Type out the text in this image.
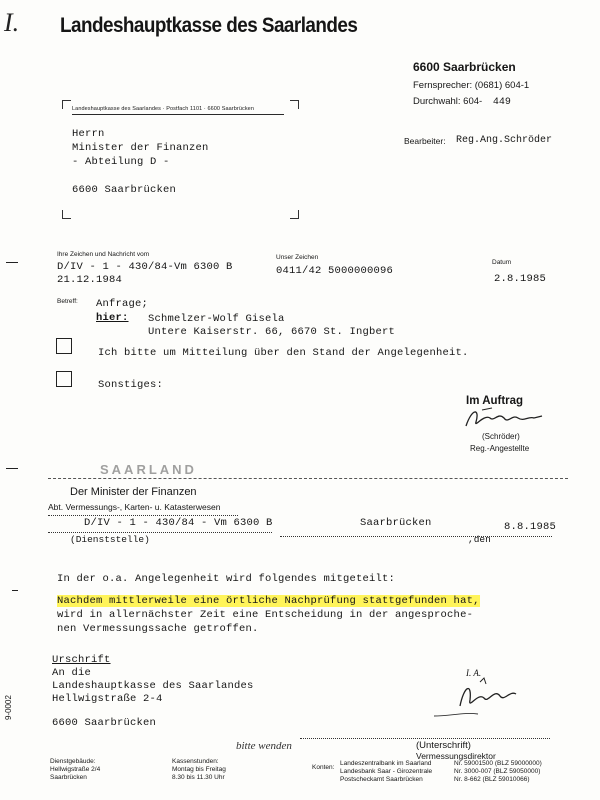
I. Landeshauptkasse des Saarlandes
6600 Saarbrücken
Fernsprecher: (0681) 604-1
Durchwahl: 604- 449
Landeshauptkasse des Saarlandes · Postfach 1101 · 6600 Saarbrücken
Herrn
Minister der Finanzen
- Abteilung D -
6600 Saarbrücken
Bearbeiter: Reg.Ang.Schröder
Ihre Zeichen und Nachricht vom
D/IV - 1 - 430/84-Vm 6300 B
21.12.1984
Unser Zeichen
0411/42 5000000096
Datum
2.8.1985
Betreff: Anfrage;
hier: Schmelzer-Wolf Gisela
Untere Kaiserstr. 66, 6670 St. Ingbert
Ich bitte um Mitteilung über den Stand der Angelegenheit.
Sonstiges:
Im Auftrag
(Schröder)
Reg.-Angestellte
SAARLAND
Der Minister der Finanzen
Abt. Vermessungs-, Karten- u. Katasterwesen
D/IV - 1 - 430/84 - Vm 6300 B	Saarbrücken	8.8.1985
(Dienststelle)	,den
In der o.a. Angelegenheit wird folgendes mitgeteilt:
Nachdem mittlerweile eine örtliche Nachprüfung stattgefunden hat,
wird in allernächster Zeit eine Entscheidung in der angesproche-
nen Vermessungssache getroffen.
Urschrift
An die
Landeshauptkasse des Saarlandes
Hellwigstraße 2-4
6600 Saarbrücken
9-0002
I. A.
(Unterschrift)
Vermessungsdirektor
bitte wenden
Dienstgebäude:
Hellwigstraße 2/4
Saarbrücken
Kassenstunden:
Montag bis Freitag
8.30 bis 11.30 Uhr
Konten:
Landeszentralbank im Saarland	Nr. 59001500 (BLZ 59000000)
Landesbank Saar - Girozentrale	Nr. 3000-007 (BLZ 59050000)
Postscheckamt Saarbrücken	Nr. 8-662 (BLZ 59010066)
